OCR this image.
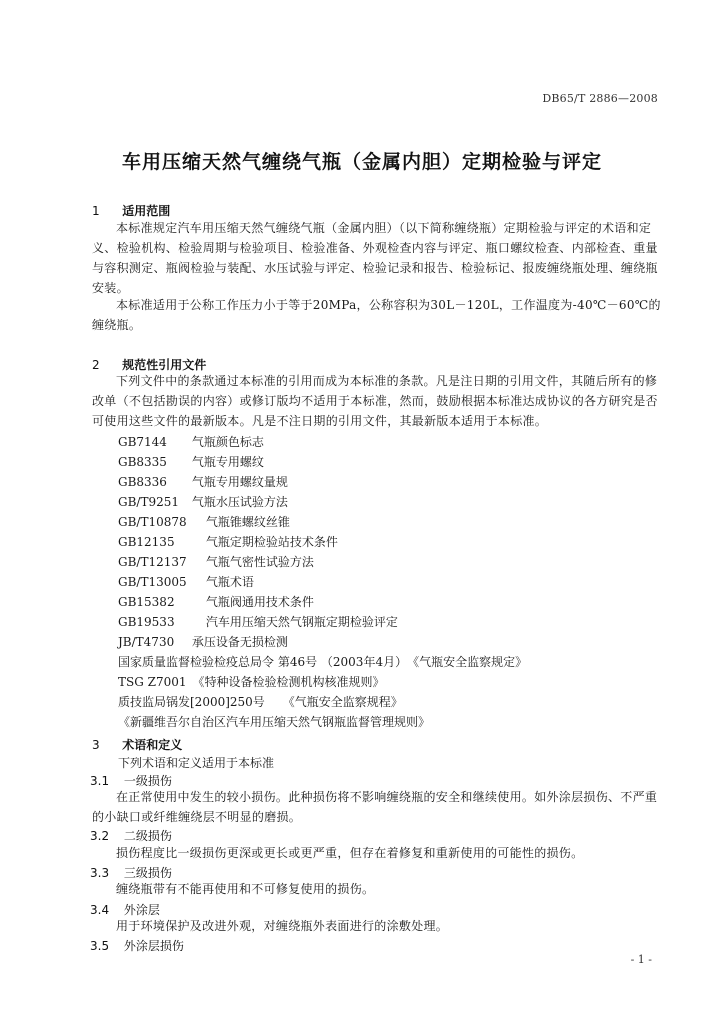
DB65/T 2886—2008
车用压缩天然气缠绕气瓶（金属内胆）定期检验与评定
1 适用范围
本标准规定汽车用压缩天然气缠绕气瓶（金属内胆）（以下简称缠绕瓶）定期检验与评定的术语和定义、检验机构、检验周期与检验项目、检验准备、外观检查内容与评定、瓶口螺纹检查、内部检查、重量与容积测定、瓶阀检验与装配、水压试验与评定、检验记录和报告、检验标记、报废缠绕瓶处理、缠绕瓶安装。
本标准适用于公称工作压力小于等于20MPa，公称容积为30L－120L，工作温度为-40℃－60℃的缠绕瓶。
2 规范性引用文件
下列文件中的条款通过本标准的引用而成为本标准的条款。凡是注日期的引用文件，其随后所有的修改单（不包括勘误的内容）或修订版均不适用于本标准，然而，鼓励根据本标准达成协议的各方研究是否可使用这些文件的最新版本。凡是不注日期的引用文件，其最新版本适用于本标准。
GB7144 气瓶颜色标志
GB8335 气瓶专用螺纹
GB8336 气瓶专用螺纹量规
GB/T9251 气瓶水压试验方法
GB/T10878 气瓶锥螺纹丝锥
GB12135	气瓶定期检验站技术条件
GB/T12137 气瓶气密性试验方法
GB/T13005 气瓶术语
GB15382	气瓶阀通用技术条件
GB19533	汽车用压缩天然气钢瓶定期检验评定
JB/T4730 承压设备无损检测
国家质量监督检验检疫总局令 第46号 （2003年4月）　《气瓶安全监察规定》
TSG Z7001　《特种设备检验检测机构核准规则》
质技监局锅发[2000]250号　　《气瓶安全监察规程》
《新疆维吾尔自治区汽车用压缩天然气钢瓶监督管理规则》
3 术语和定义
下列术语和定义适用于本标准
3.1 一级损伤
在正常使用中发生的较小损伤。此种损伤将不影响缠绕瓶的安全和继续使用。如外涂层损伤、不严重的小缺口或纤维缠绕层不明显的磨损。
3.2 二级损伤
损伤程度比一级损伤更深或更长或更严重，但存在着修复和重新使用的可能性的损伤。
3.3 三级损伤
缠绕瓶带有不能再使用和不可修复使用的损伤。
3.4 外涂层
用于环境保护及改进外观，对缠绕瓶外表面进行的涂敷处理。
3.5 外涂层损伤
- 1 -
